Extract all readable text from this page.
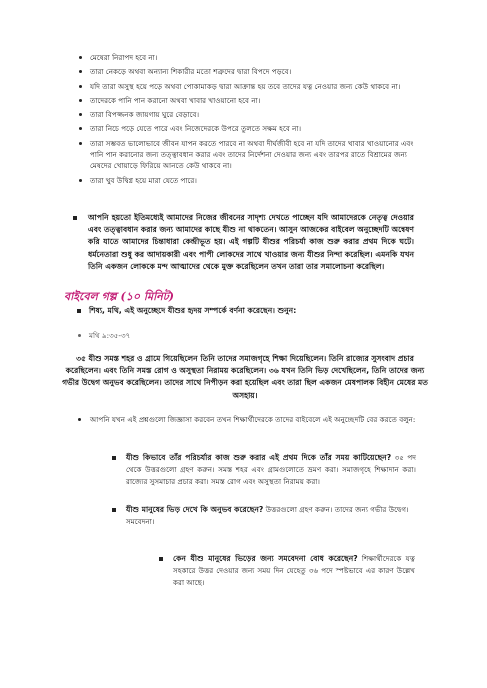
মেষেরা নিরাপদ হবে না।
তারা নেকড়ে অথবা অন্যান্য শিকারীর মতো শত্রুদের দ্বারা বিপদে পড়বে।
যদি তারা অসুস্থ হয়ে পড়ে অথবা পোকামাকড় দ্বারা আক্রান্ত হয় তবে তাদের যত্ন নেওয়ার জন্য কেউ থাকবে না।
তাদেরকে পানি পান করানো অথবা খাবার খাওয়ানো হবে না।
তারা বিপজ্জনক জায়গায় ঘুরে বেড়াবে।
তারা নিচে পড়ে যেতে পারে এবং নিজেদেরকে উপরে তুলতে সক্ষম হবে না।
তারা সম্ভবত ভালোভাবে জীবন যাপন করতে পারবে না অথবা দীর্ঘজীবী হবে না যদি তাদের খাবার খাওয়ানোর এবং পানি পান করানোর জন্য তত্ত্বাবধান করার এবং তাদের নির্দেশনা দেওয়ার জন্য এবং তারপর রাতে বিশ্রামের জন্য মেষদের খোয়াড়ে ফিরিয়ে আনতে কেউ থাকবে না।
তারা খুব উদ্বিগ্ন হয়ে মারা যেতে পারে।
আপনি হয়তো ইতিমধ্যেই আমাদের নিজের জীবনের সাদৃশ্য দেখতে পাচ্ছেন যদি আমাদেরকে নেতৃত্ব দেওয়ার এবং তত্ত্বাবধান করার জন্য আমাদের কাছে যীশু না থাকতেন। আসুন আজকের বাইবেল অনুচ্ছেদটি অন্বেষণ করি যাতে আমাদের চিন্তাধারা কেন্দ্রীভূত হয়। এই গল্পটি যীশুর পরিচর্যা কাজ শুরু করার প্রথম দিকে ঘটে। ধর্মনেতারা শুধু কর আদায়কারী এবং পাপী লোকদের সাথে খাওয়ার জন্য যীশুর নিন্দা করেছিল। এমনকি যখন তিনি একজন লোককে মন্দ আত্মাদের থেকে মুক্ত করেছিলেন তখন তারা তার সমালোচনা করেছিল।
বাইবেল গল্প (১০ মিনিট)
শিষ্য, মথি, এই অনুচ্ছেদে যীশুর হৃদয় সম্পর্কে বর্ণনা করেছেন। শুনুন:
মথি ৯:৩৫-৩৭
৩৫ যীশু সমস্ত শহর ও গ্রামে গিয়েছিলেন তিনি তাদের সমাজগৃহে শিক্ষা দিয়েছিলেন। তিনি রাজ্যের সুসংবাদ প্রচার করেছিলেন। এবং তিনি সমস্ত রোগ ও অসুস্থতা নিরাময় করেছিলেন। ৩৬ যখন তিনি ভিড় দেখেছিলেন, তিনি তাদের জন্য গভীর উদ্বেগ অনুভব করেছিলেন। তাদের সাথে নিপীড়ন করা হয়েছিল এবং তারা ছিল একজন মেষপালক বিহীন মেষের মত অসহায়।
আপনি যখন এই প্রশ্নগুলো জিজ্ঞাসা করবেন তখন শিক্ষার্থীদেরকে তাদের বাইবেলে এই অনুচ্ছেদটি বের করতে বলুন:
যীশু কিভাবে তাঁর পরিচর্যার কাজ শুরু করার এই প্রথম দিকে তাঁর সময় কাটিয়েছেন? ৩৫ পদ থেকে উত্তরগুলো গ্রহণ করুন। সমস্ত শহর এবং গ্রামগুলোতে ভ্রমণ করা। সমাজগৃহে শিক্ষাদান করা। রাজ্যের সুসমাচার প্রচার করা। সমস্ত রোগ এবং অসুস্থতা নিরাময় করা।
যীশু মানুষের ভিড় দেখে কি অনুভব করেছেন? উত্তরগুলো গ্রহণ করুন। তাদের জন্য গভীর উদ্বেগ। সমবেদনা।
কেন যীশু মানুষের ভিড়ের জন্য সমবেদনা বোধ করেছেন? শিক্ষার্থীদেরকে যত্ন সহকারে উত্তর দেওয়ার জন্য সময় দিন যেহেতু ৩৬ পদে স্পষ্টভাবে এর কারণ উল্লেখ করা আছে।
